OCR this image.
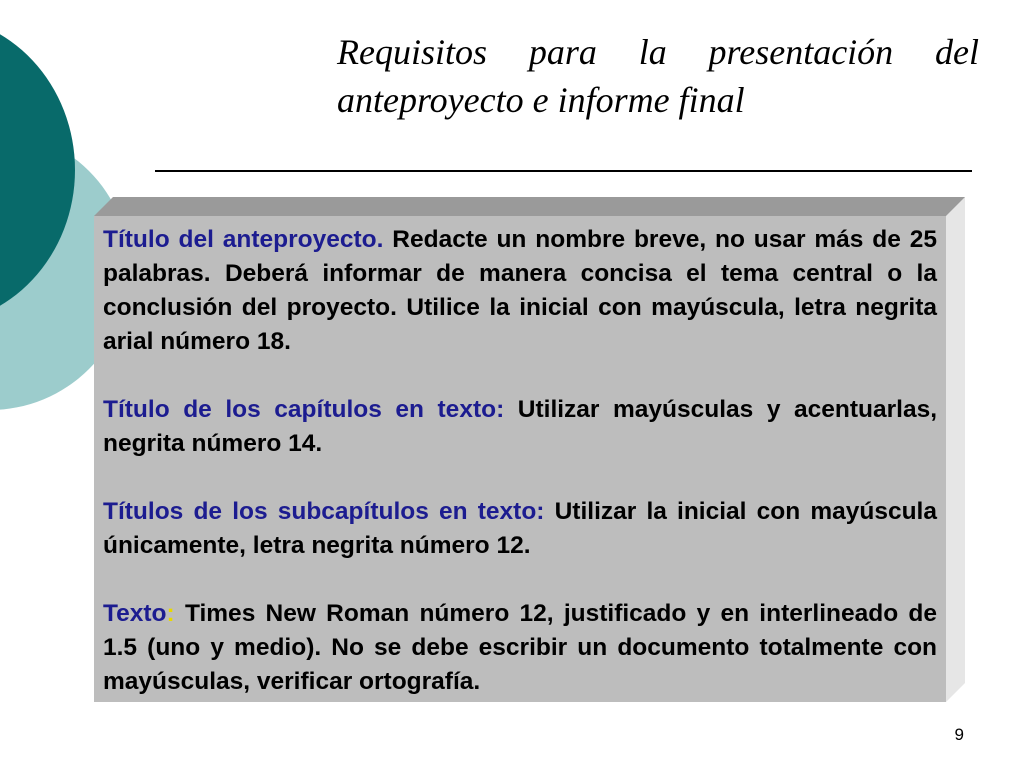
Requisitos para la presentación del anteproyecto e informe final

Título del anteproyecto. Redacte un nombre breve, no usar más de 25 palabras. Deberá informar de manera concisa el tema central o la conclusión del proyecto. Utilice la inicial con mayúscula, letra negrita arial número 18.

Título de los capítulos en texto: Utilizar mayúsculas y acentuarlas, negrita número 14.

Títulos de los subcapítulos en texto: Utilizar la inicial con mayúscula únicamente, letra negrita número 12.

Texto: Times New Roman número 12, justificado y en interlineado de 1.5 (uno y medio). No se debe escribir un documento totalmente con mayúsculas, verificar ortografía.

9
